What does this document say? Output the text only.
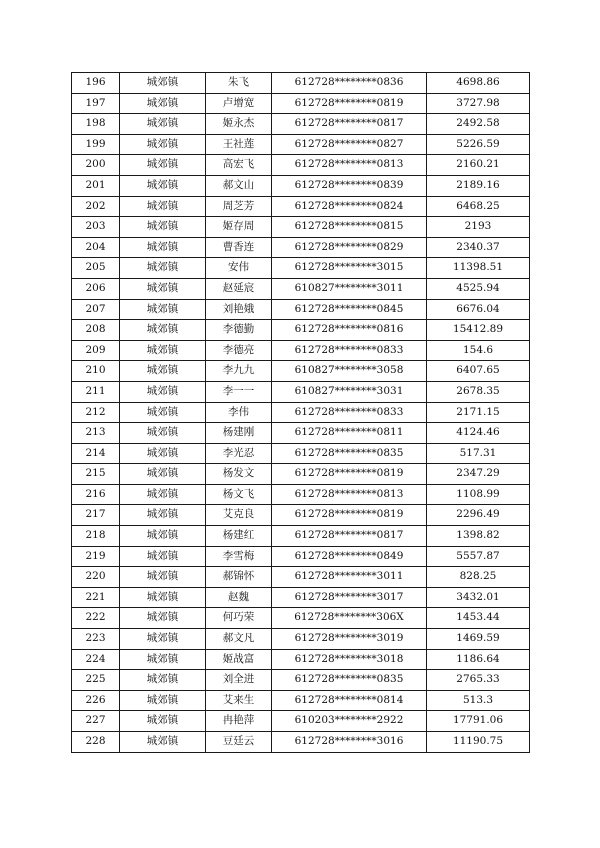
196	城郊镇	朱飞	612728********0836	4698.86
197	城郊镇	卢增宽	612728********0819	3727.98
198	城郊镇	姬永杰	612728********0817	2492.58
199	城郊镇	王社莲	612728********0827	5226.59
200	城郊镇	高宏飞	612728********0813	2160.21
201	城郊镇	郝文山	612728********0839	2189.16
202	城郊镇	周芝芳	612728********0824	6468.25
203	城郊镇	姬存周	612728********0815	2193
204	城郊镇	曹香连	612728********0829	2340.37
205	城郊镇	安伟	612728********3015	11398.51
206	城郊镇	赵延宸	610827********3011	4525.94
207	城郊镇	刘艳娥	612728********0845	6676.04
208	城郊镇	李德勤	612728********0816	15412.89
209	城郊镇	李德亮	612728********0833	154.6
210	城郊镇	李九九	610827********3058	6407.65
211	城郊镇	李一一	610827********3031	2678.35
212	城郊镇	李伟	612728********0833	2171.15
213	城郊镇	杨建刚	612728********0811	4124.46
214	城郊镇	李光忍	612728********0835	517.31
215	城郊镇	杨发文	612728********0819	2347.29
216	城郊镇	杨文飞	612728********0813	1108.99
217	城郊镇	艾克良	612728********0819	2296.49
218	城郊镇	杨建红	612728********0817	1398.82
219	城郊镇	李雪梅	612728********0849	5557.87
220	城郊镇	郝锦怀	612728********3011	828.25
221	城郊镇	赵魏	612728********3017	3432.01
222	城郊镇	何巧荣	612728********306X	1453.44
223	城郊镇	郝文凡	612728********3019	1469.59
224	城郊镇	姬战富	612728********3018	1186.64
225	城郊镇	刘全进	612728********0835	2765.33
226	城郊镇	艾来生	612728********0814	513.3
227	城郊镇	冉艳萍	610203********2922	17791.06
228	城郊镇	豆廷云	612728********3016	11190.75
